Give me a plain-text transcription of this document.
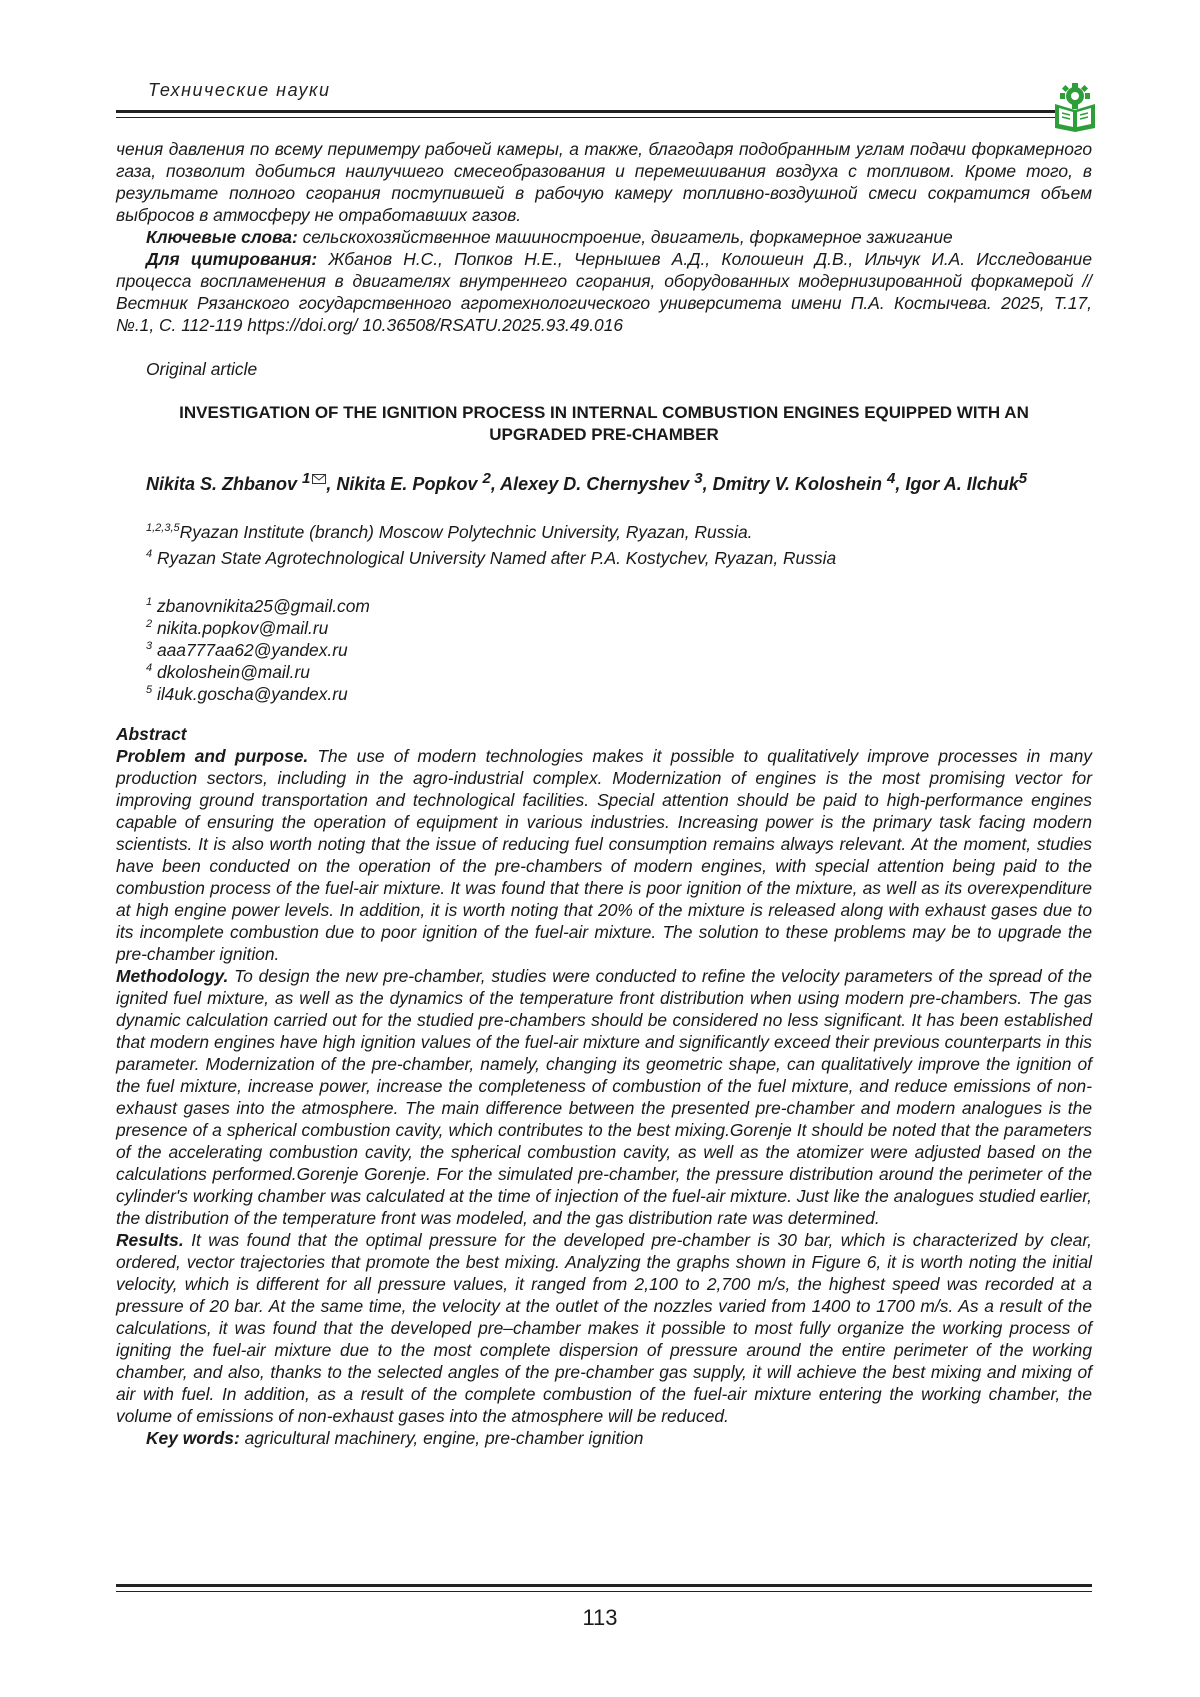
Технические науки

чения давления по всему периметру рабочей камеры, а также, благодаря подобранным углам подачи форкамерного газа, позволит добиться наилучшего смесеобразования и перемешивания воздуха с топливом. Кроме того, в результате полного сгорания поступившей в рабочую камеру топливно-воздушной смеси сократится объем выбросов в атмосферу не отработавших газов.

Ключевые слова: сельскохозяйственное машиностроение, двигатель, форкамерное зажигание

Для цитирования: Жбанов Н.С., Попков Н.Е., Чернышев А.Д., Колошеин Д.В., Ильчук И.А. Исследование процесса воспламенения в двигателях внутреннего сгорания, оборудованных модернизированной форкамерой // Вестник Рязанского государственного агротехнологического университета имени П.А. Костычева. 2025, Т.17, №.1, С. 112-119 https://doi.org/ 10.36508/RSATU.2025.93.49.016

Original article

INVESTIGATION OF THE IGNITION PROCESS IN INTERNAL COMBUSTION ENGINES EQUIPPED WITH AN UPGRADED PRE-CHAMBER

Nikita S. Zhbanov $^1$ , Nikita E. Popkov $^2$, Alexey D. Chernyshev $^3$, Dmitry V. Koloshein $^4$, Igor A. Ilchuk$^5$

$^{1,2,3,5}$Ryazan Institute (branch) Moscow Polytechnic University, Ryazan, Russia.
$^4$ Ryazan State Agrotechnological University Named after P.A. Kostychev, Ryazan, Russia
$^1$ zbanovnikita25@gmail.com
$^2$ nikita.popkov@mail.ru
$^3$ aaa777aa62@yandex.ru
$^4$ dkoloshein@mail.ru
$^5$ il4uk.goscha@yandex.ru

Abstract

Problem and purpose. The use of modern technologies makes it possible to qualitatively improve processes in many production sectors, including in the agro-industrial complex. Modernization of engines is the most promising vector for improving ground transportation and technological facilities. Special attention should be paid to high-performance engines capable of ensuring the operation of equipment in various industries. Increasing power is the primary task facing modern scientists. It is also worth noting that the issue of reducing fuel consumption remains always relevant. At the moment, studies have been conducted on the operation of the pre-chambers of modern engines, with special attention being paid to the combustion process of the fuel-air mixture. It was found that there is poor ignition of the mixture, as well as its overexpenditure at high engine power levels. In addition, it is worth noting that 20% of the mixture is released along with exhaust gases due to its incomplete combustion due to poor ignition of the fuel-air mixture. The solution to these problems may be to upgrade the pre-chamber ignition.

Methodology. To design the new pre-chamber, studies were conducted to refine the velocity parameters of the spread of the ignited fuel mixture, as well as the dynamics of the temperature front distribution when using modern pre-chambers. The gas dynamic calculation carried out for the studied pre-chambers should be considered no less significant. It has been established that modern engines have high ignition values of the fuel-air mixture and significantly exceed their previous counterparts in this parameter. Modernization of the pre-chamber, namely, changing its geometric shape, can qualitatively improve the ignition of the fuel mixture, increase power, increase the completeness of combustion of the fuel mixture, and reduce emissions of non-exhaust gases into the atmosphere. The main difference between the presented pre-chamber and modern analogues is the presence of a spherical combustion cavity, which contributes to the best mixing.Gorenje It should be noted that the parameters of the accelerating combustion cavity, the spherical combustion cavity, as well as the atomizer were adjusted based on the calculations performed.Gorenje Gorenje. For the simulated pre-chamber, the pressure distribution around the perimeter of the cylinder's working chamber was calculated at the time of injection of the fuel-air mixture. Just like the analogues studied earlier, the distribution of the temperature front was modeled, and the gas distribution rate was determined.

Results. It was found that the optimal pressure for the developed pre-chamber is 30 bar, which is characterized by clear, ordered, vector trajectories that promote the best mixing. Analyzing the graphs shown in Figure 6, it is worth noting the initial velocity, which is different for all pressure values, it ranged from 2,100 to 2,700 m/s, the highest speed was recorded at a pressure of 20 bar. At the same time, the velocity at the outlet of the nozzles varied from 1400 to 1700 m/s. As a result of the calculations, it was found that the developed pre–chamber makes it possible to most fully organize the working process of igniting the fuel-air mixture due to the most complete dispersion of pressure around the entire perimeter of the working chamber, and also, thanks to the selected angles of the pre-chamber gas supply, it will achieve the best mixing and mixing of air with fuel. In addition, as a result of the complete combustion of the fuel-air mixture entering the working chamber, the volume of emissions of non-exhaust gases into the atmosphere will be reduced.

Key words: agricultural machinery, engine, pre-chamber ignition

113
